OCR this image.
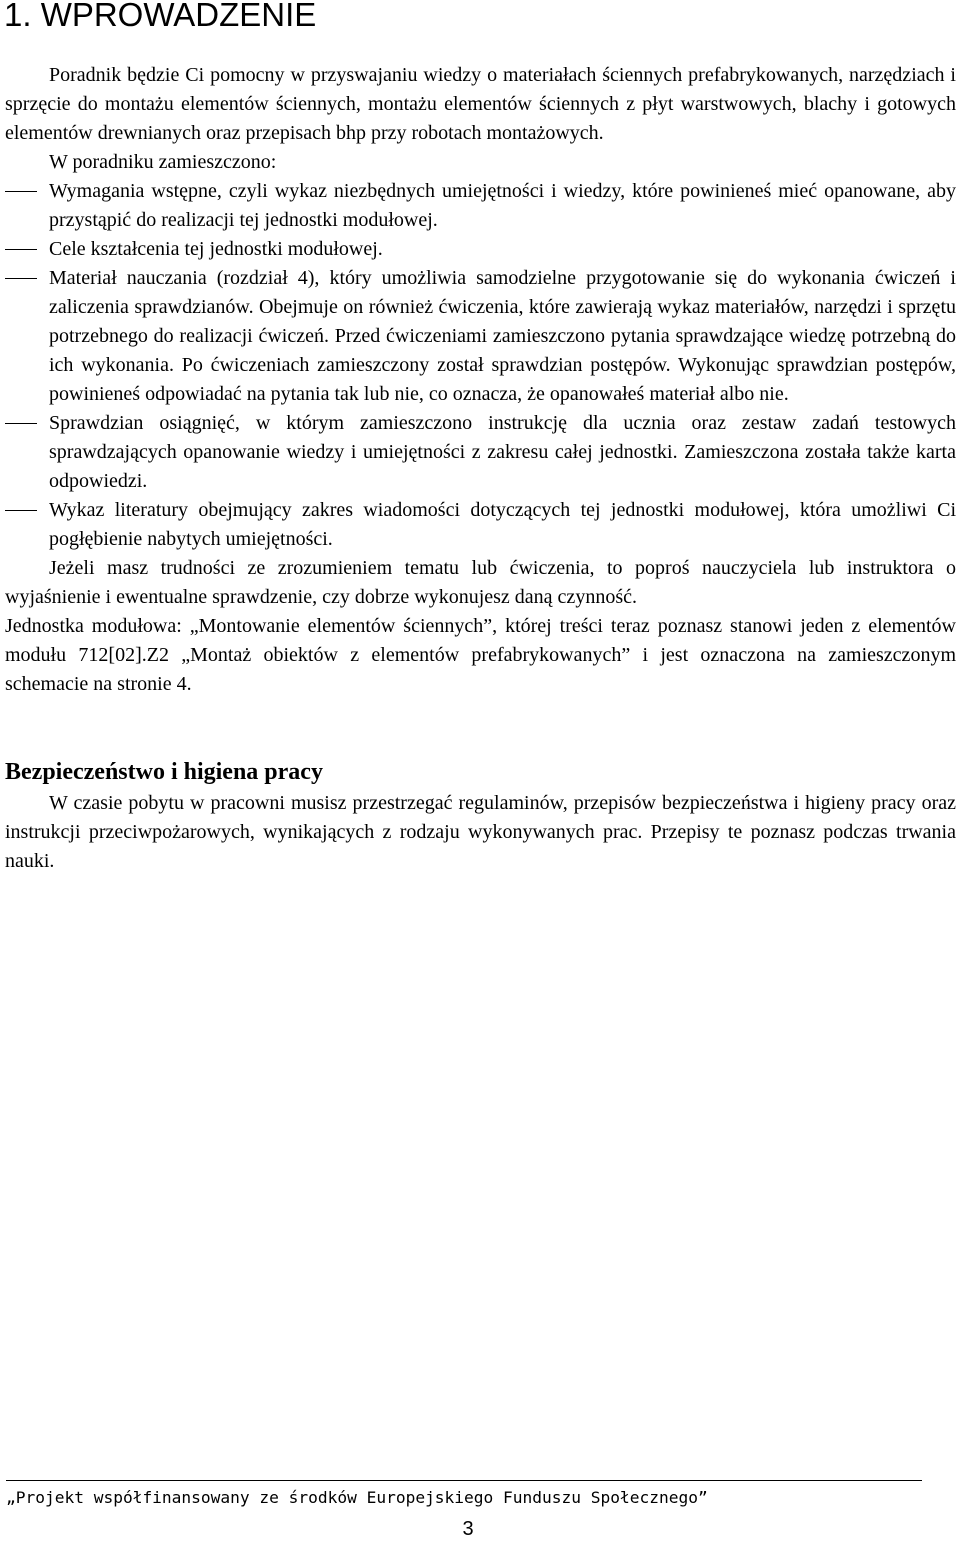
1. WPROWADZENIE

Poradnik będzie Ci pomocny w przyswajaniu wiedzy o materiałach ściennych prefabrykowanych, narzędziach i sprzęcie do montażu elementów ściennych, montażu elementów ściennych z płyt warstwowych, blachy i gotowych elementów drewnianych oraz przepisach bhp przy robotach montażowych.

W poradniku zamieszczono:

Wymagania wstępne, czyli wykaz niezbędnych umiejętności i wiedzy, które powinieneś mieć opanowane, aby przystąpić do realizacji tej jednostki modułowej.
Cele kształcenia tej jednostki modułowej.
Materiał nauczania (rozdział 4), który umożliwia samodzielne przygotowanie się do wykonania ćwiczeń i zaliczenia sprawdzianów. Obejmuje on również ćwiczenia, które zawierają wykaz materiałów, narzędzi i sprzętu potrzebnego do realizacji ćwiczeń. Przed ćwiczeniami zamieszczono pytania sprawdzające wiedzę potrzebną do ich wykonania. Po ćwiczeniach zamieszczony został sprawdzian postępów. Wykonując sprawdzian postępów, powinieneś odpowiadać na pytania tak lub nie, co oznacza, że opanowałeś materiał albo nie.
Sprawdzian osiągnięć, w którym zamieszczono instrukcję dla ucznia oraz zestaw zadań testowych sprawdzających opanowanie wiedzy i umiejętności z zakresu całej jednostki. Zamieszczona została także karta odpowiedzi.
Wykaz literatury obejmujący zakres wiadomości dotyczących tej jednostki modułowej, która umożliwi Ci pogłębienie nabytych umiejętności.

Jeżeli masz trudności ze zrozumieniem tematu lub ćwiczenia, to poproś nauczyciela lub instruktora o wyjaśnienie i ewentualne sprawdzenie, czy dobrze wykonujesz daną czynność.

Jednostka modułowa: „Montowanie elementów ściennych”, której treści teraz poznasz stanowi jeden z elementów modułu 712[02].Z2 „Montaż obiektów z elementów prefabrykowanych” i jest oznaczona na zamieszczonym schemacie na stronie 4.

Bezpieczeństwo i higiena pracy

W czasie pobytu w pracowni musisz przestrzegać regulaminów, przepisów bezpieczeństwa i higieny pracy oraz instrukcji przeciwpożarowych, wynikających z rodzaju wykonywanych prac. Przepisy te poznasz podczas trwania nauki.

„Projekt współfinansowany ze środków Europejskiego Funduszu Społecznego”
3
